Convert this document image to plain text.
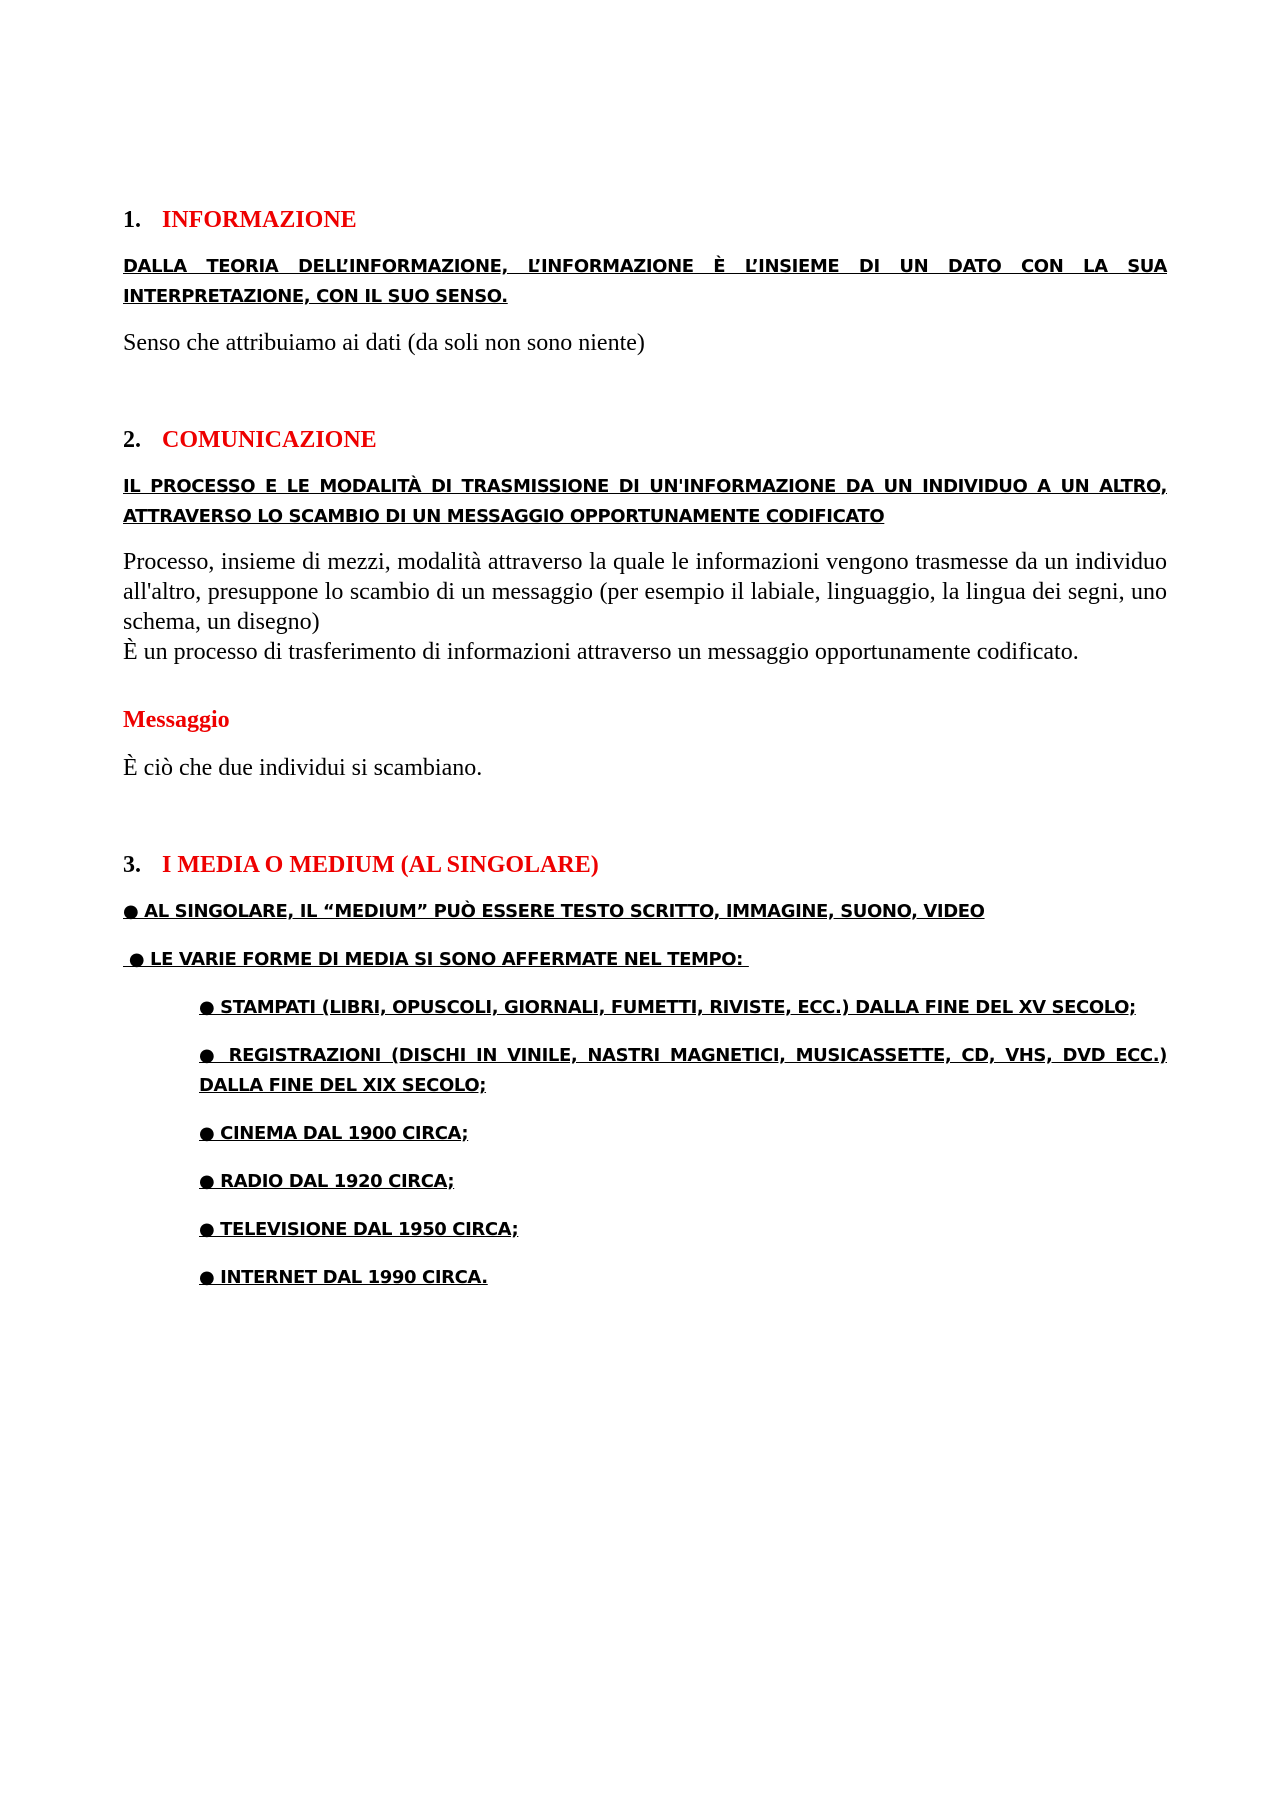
1. INFORMAZIONE

DALLA TEORIA DELL’INFORMAZIONE, L’INFORMAZIONE È L’INSIEME DI UN DATO CON LA SUA INTERPRETAZIONE, CON IL SUO SENSO.

Senso che attribuiamo ai dati (da soli non sono niente)

2. COMUNICAZIONE

IL PROCESSO E LE MODALITÀ DI TRASMISSIONE DI UN'INFORMAZIONE DA UN INDIVIDUO A UN ALTRO, ATTRAVERSO LO SCAMBIO DI UN MESSAGGIO OPPORTUNAMENTE CODIFICATO

Processo, insieme di mezzi, modalità attraverso la quale le informazioni vengono trasmesse da un individuo all'altro, presuppone lo scambio di un messaggio (per esempio il labiale, linguaggio, la lingua dei segni, uno schema, un disegno)

È un processo di trasferimento di informazioni attraverso un messaggio opportunamente codificato.

Messaggio

È ciò che due individui si scambiano.

3. I MEDIA O MEDIUM (AL SINGOLARE)

● AL SINGOLARE, IL “MEDIUM” PUÒ ESSERE TESTO SCRITTO, IMMAGINE, SUONO, VIDEO

● LE VARIE FORME DI MEDIA SI SONO AFFERMATE NEL TEMPO:

● STAMPATI (LIBRI, OPUSCOLI, GIORNALI, FUMETTI, RIVISTE, ECC.) DALLA FINE DEL XV SECOLO;

● REGISTRAZIONI (DISCHI IN VINILE, NASTRI MAGNETICI, MUSICASSETTE, CD, VHS, DVD ECC.) DALLA FINE DEL XIX SECOLO;

● CINEMA DAL 1900 CIRCA;

● RADIO DAL 1920 CIRCA;

● TELEVISIONE DAL 1950 CIRCA;

● INTERNET DAL 1990 CIRCA.
